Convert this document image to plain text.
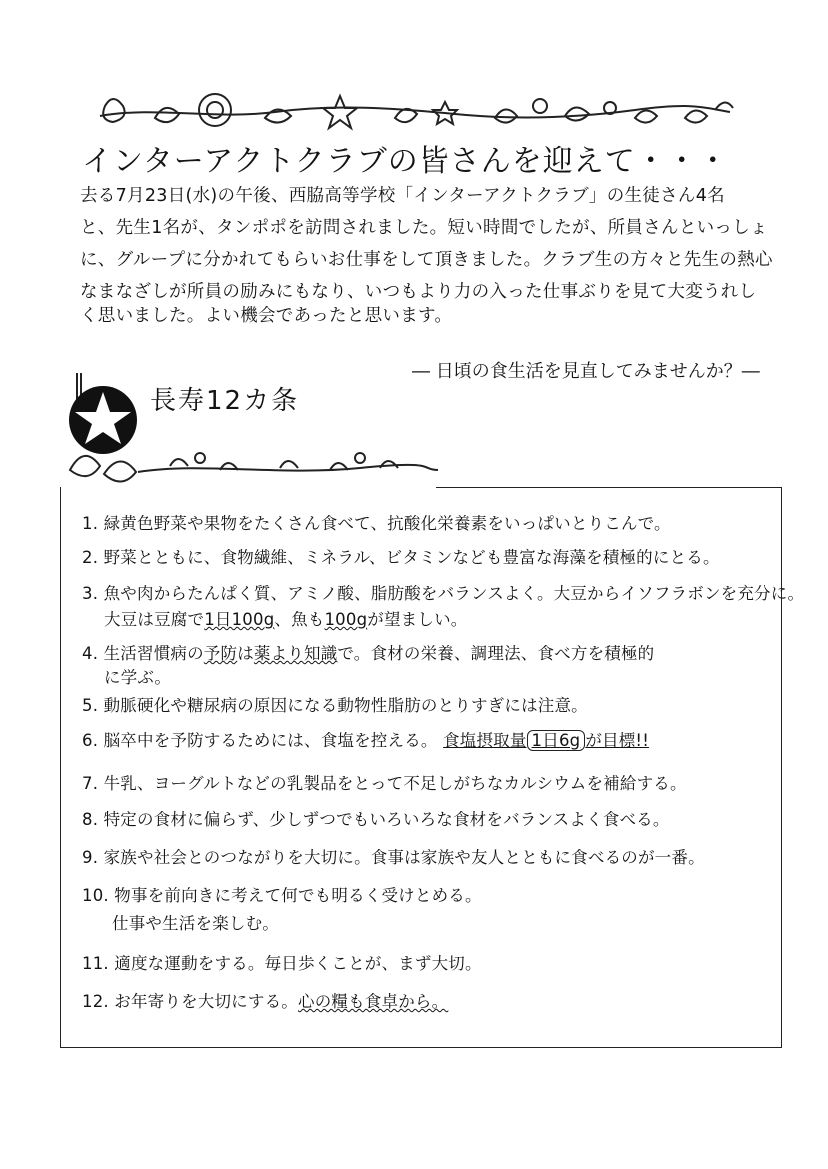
インターアクトクラブの皆さんを迎えて・・・
去る7月23日(水)の午後、西脇高等学校「インターアクトクラブ」の生徒さん4名
と、先生1名が、タンポポを訪問されました。短い時間でしたが、所員さんといっしょ
に、グループに分かれてもらいお仕事をして頂きました。クラブ生の方々と先生の熱心
なまなざしが所員の励みにもなり、いつもより力の入った仕事ぶりを見て大変うれし
く思いました。よい機会であったと思います。
― 日頃の食生活を見直してみませんか？―
長寿12カ条
1. 緑黄色野菜や果物をたくさん食べて、抗酸化栄養素をいっぱいとりこんで。
2. 野菜とともに、食物繊維、ミネラル、ビタミンなども豊富な海藻を積極的にとる。
3. 魚や肉からたんぱく質、アミノ酸、脂肪酸をバランスよく。大豆からイソフラボンを充分に。
大豆は豆腐で1日100g、魚も100gが望ましい。
4. 生活習慣病の予防は薬より知識で。食材の栄養、調理法、食べ方を積極的
に学ぶ。
5. 動脈硬化や糖尿病の原因になる動物性脂肪のとりすぎには注意。
6. 脳卒中を予防するためには、食塩を控える。 食塩摂取量 1日6g が目標!!
7. 牛乳、ヨーグルトなどの乳製品をとって不足しがちなカルシウムを補給する。
8. 特定の食材に偏らず、少しずつでもいろいろな食材をバランスよく食べる。
9. 家族や社会とのつながりを大切に。食事は家族や友人とともに食べるのが一番。
10. 物事を前向きに考えて何でも明るく受けとめる。
仕事や生活を楽しむ。
11. 適度な運動をする。毎日歩くことが、まず大切。
12. お年寄りを大切にする。心の糧も食卓から。
